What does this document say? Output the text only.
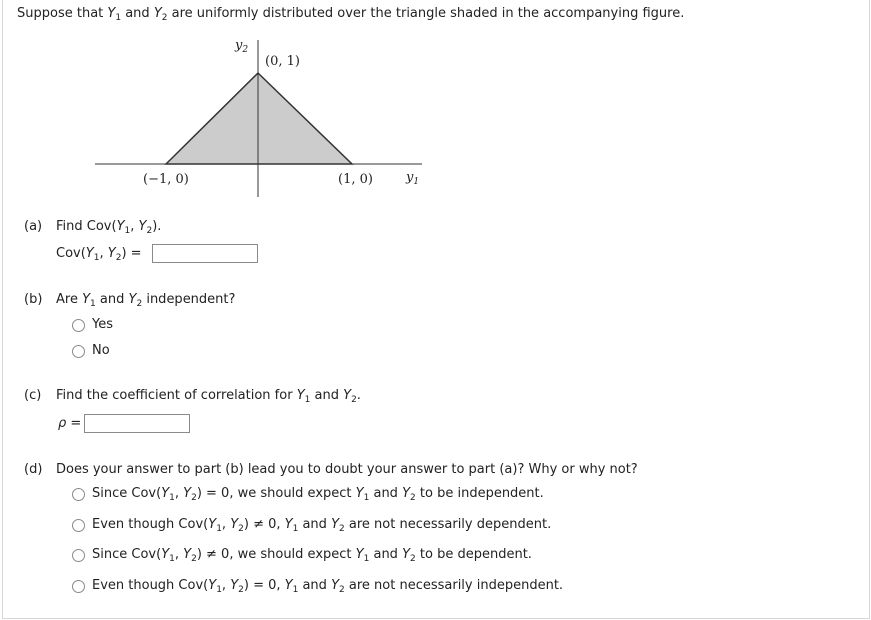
Suppose that $Y_1$ and $Y_2$ are uniformly distributed over the triangle shaded in the accompanying figure.
$y_2$
(0, 1)
(−1, 0)	(1, 0)	$y_1$
(a) Find $Cov(Y_1$, $Y_2$).
$Cov(Y_1$, $Y_2$) =
(b) Are $Y_1$ and $Y_2$ independent?
Yes
No
(c) Find the coefficient of correlation for $Y_1$ and $Y_2$.
ρ =
(d) Does your answer to part (b) lead you to doubt your answer to part (a)? Why or why not?
Since $Cov(Y_1$, $Y_2) = 0$, we should expect $Y_1$ and $Y_2$ to be independent.
Even though $Cov(Y_1$, $Y_2) \ne 0$, $Y_1$ and $Y_2$ are not necessarily dependent.
Since $Cov(Y_1$, $Y_2) \ne 0$, we should expect $Y_1$ and $Y_2$ to be dependent.
Even though $Cov(Y_1$, $Y_2) = 0$, $Y_1$ and $Y_2$ are not necessarily independent.
